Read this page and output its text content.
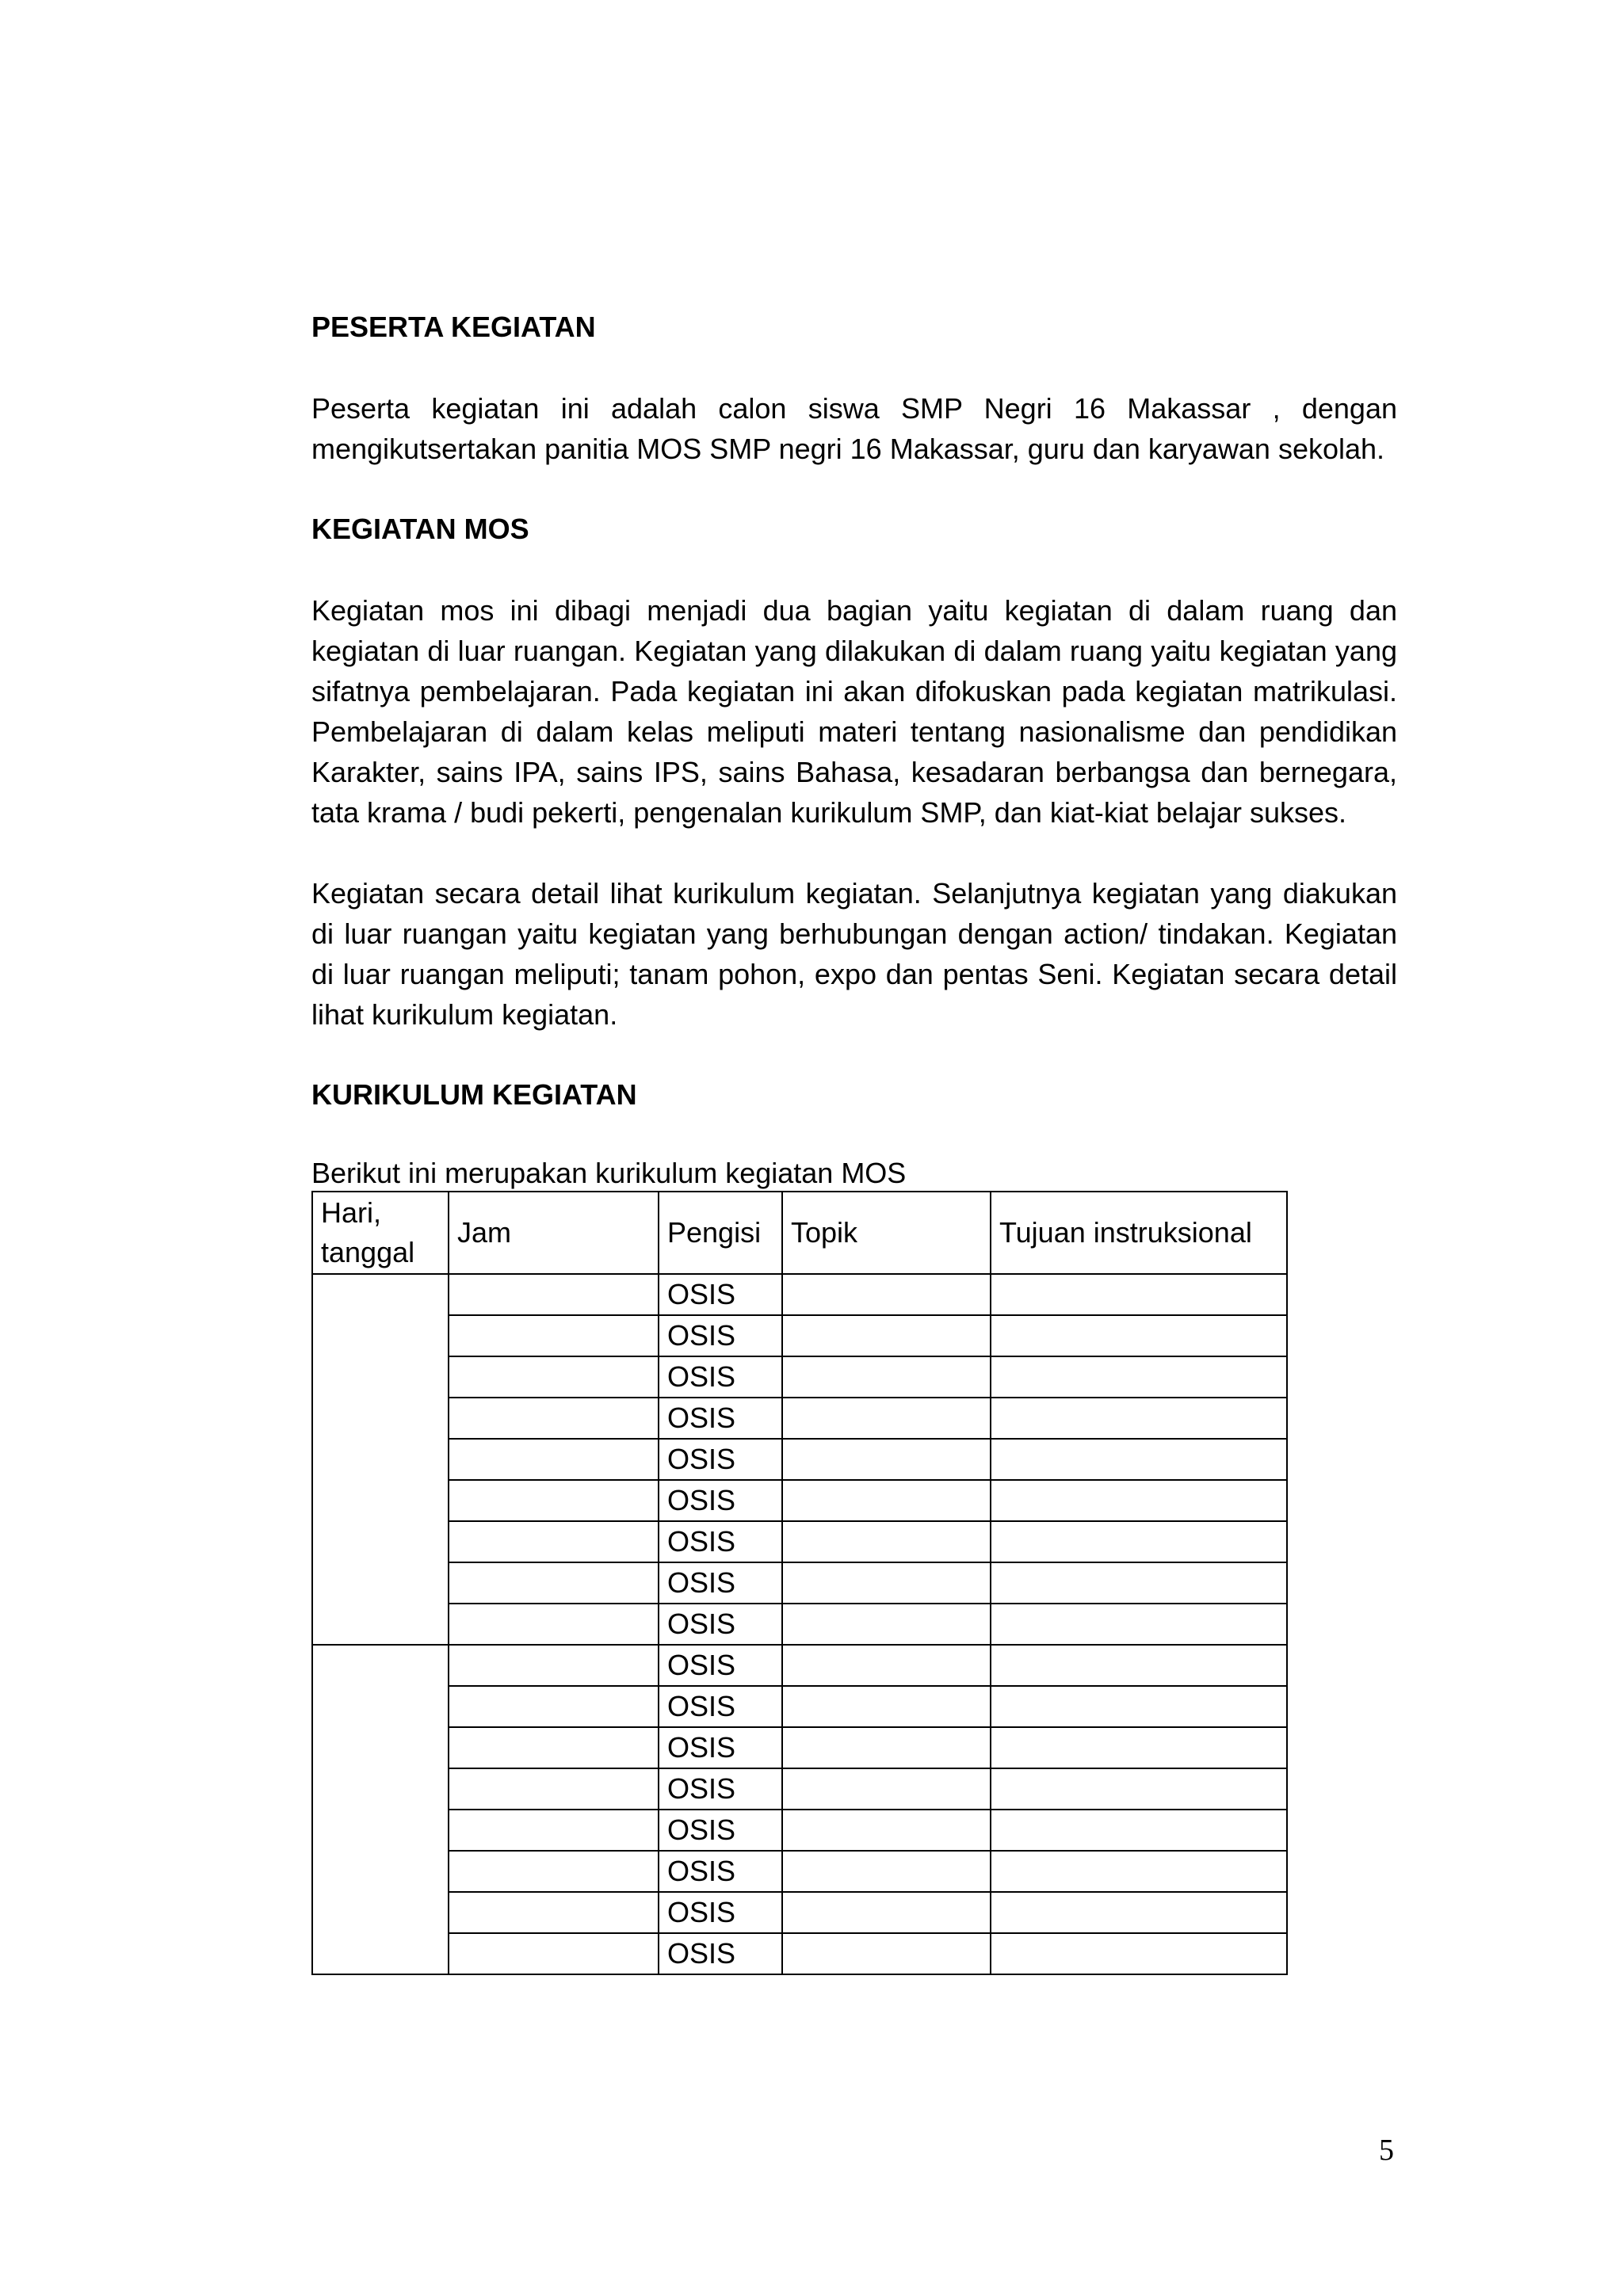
PESERTA KEGIATAN

Peserta kegiatan ini adalah calon siswa SMP Negri 16 Makassar , dengan mengikutsertakan panitia MOS SMP negri 16 Makassar, guru dan karyawan sekolah.

KEGIATAN MOS

Kegiatan mos ini dibagi menjadi dua bagian yaitu kegiatan di dalam ruang dan kegiatan di luar ruangan. Kegiatan yang dilakukan di dalam ruang yaitu kegiatan yang sifatnya pembelajaran. Pada kegiatan ini akan difokuskan pada kegiatan matrikulasi. Pembelajaran di dalam kelas meliputi materi tentang nasionalisme dan pendidikan Karakter, sains IPA, sains IPS, sains Bahasa, kesadaran berbangsa dan bernegara, tata krama / budi pekerti, pengenalan kurikulum SMP, dan kiat-kiat belajar sukses.

Kegiatan secara detail lihat kurikulum kegiatan. Selanjutnya kegiatan yang diakukan di luar ruangan yaitu kegiatan yang berhubungan dengan action/ tindakan. Kegiatan di luar ruangan meliputi; tanam pohon, expo dan pentas Seni. Kegiatan secara detail lihat kurikulum kegiatan.

KURIKULUM KEGIATAN

Berikut ini merupakan kurikulum kegiatan MOS

Hari, tanggal	Jam	Pengisi	Topik	Tujuan instruksional
		OSIS		
		OSIS		
		OSIS		
		OSIS		
		OSIS		
		OSIS		
		OSIS		
		OSIS		
		OSIS		
		OSIS		
		OSIS		
		OSIS		
		OSIS		
		OSIS		
		OSIS		
		OSIS		
		OSIS		
5
